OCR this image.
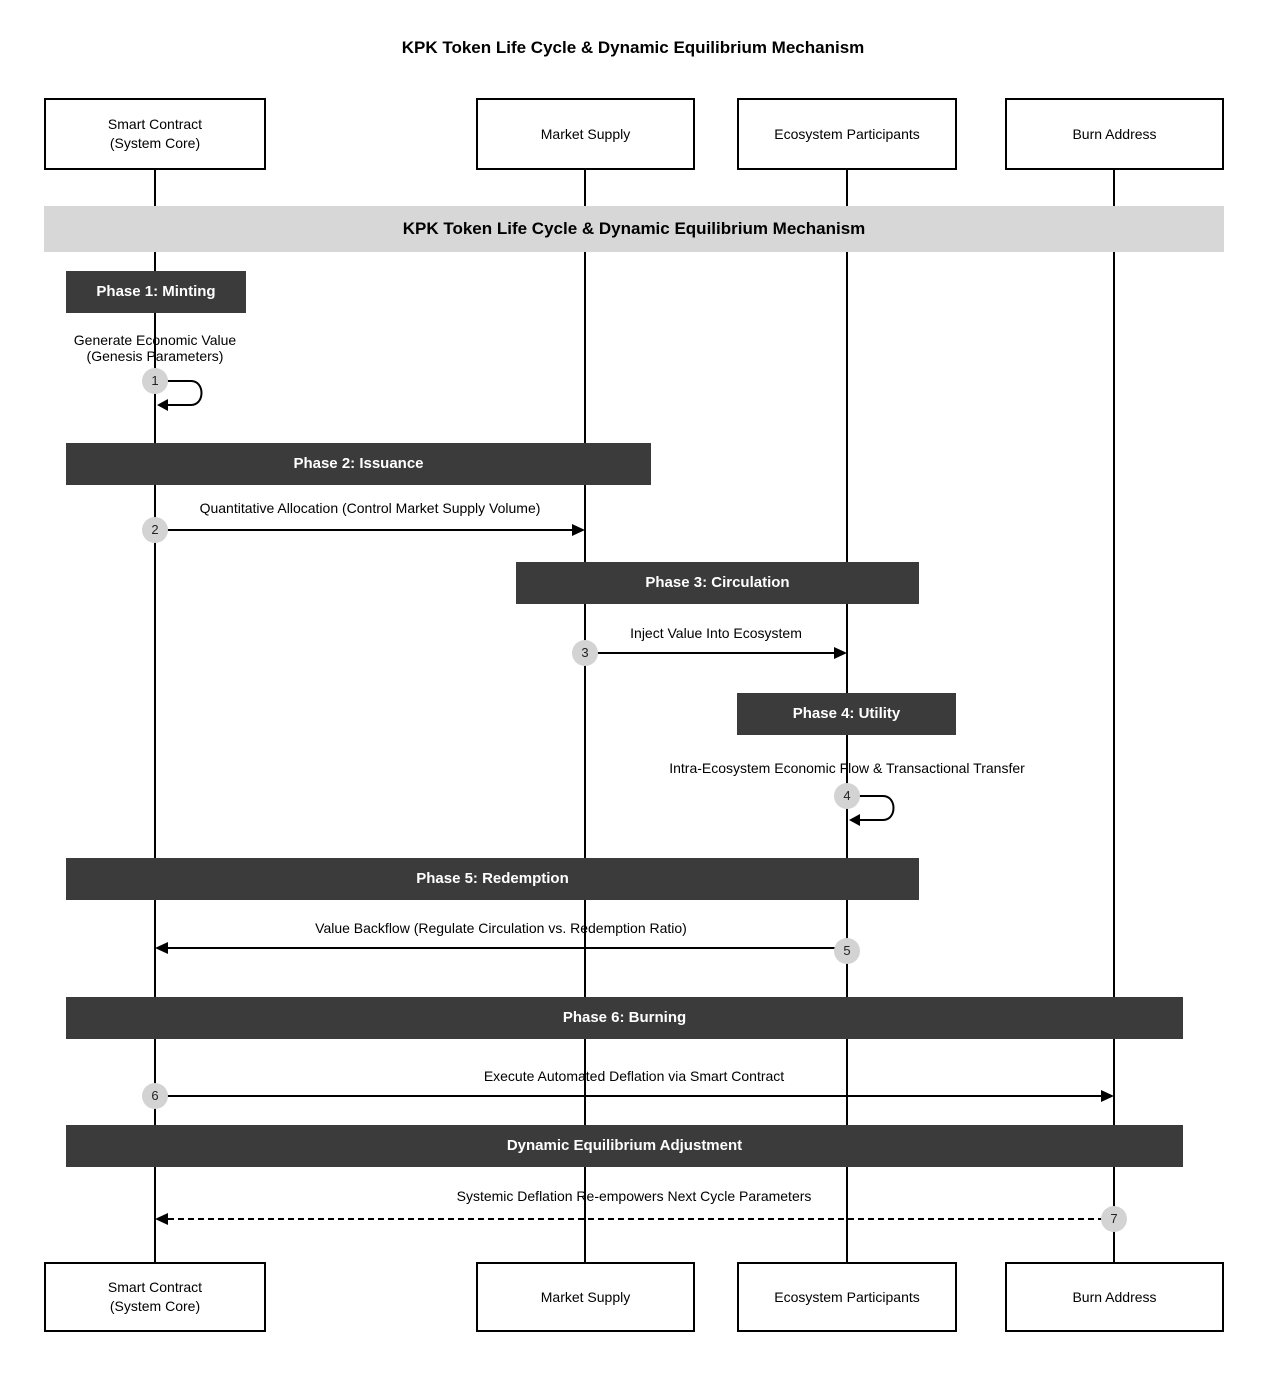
KPK Token Life Cycle & Dynamic Equilibrium Mechanism
Smart Contract
(System Core)
Market Supply	Ecosystem Participants	Burn Address
KPK Token Life Cycle & Dynamic Equilibrium Mechanism
Phase 1: Minting
Phase 2: Issuance
Phase 3: Circulation
Phase 4: Utility
Phase 5: Redemption
Phase 6: Burning
Dynamic Equilibrium Adjustment
Generate Economic Value (Genesis Parameters)
1
Quantitative Allocation (Control Market Supply Volume)
2
Inject Value Into Ecosystem
3
Intra-Ecosystem Economic Flow & Transactional Transfer
4
Value Backflow (Regulate Circulation vs. Redemption Ratio)
5
Execute Automated Deflation via Smart Contract
6
Systemic Deflation Re-empowers Next Cycle Parameters
7
Smart Contract
(System Core)
Market Supply	Ecosystem Participants	Burn Address
